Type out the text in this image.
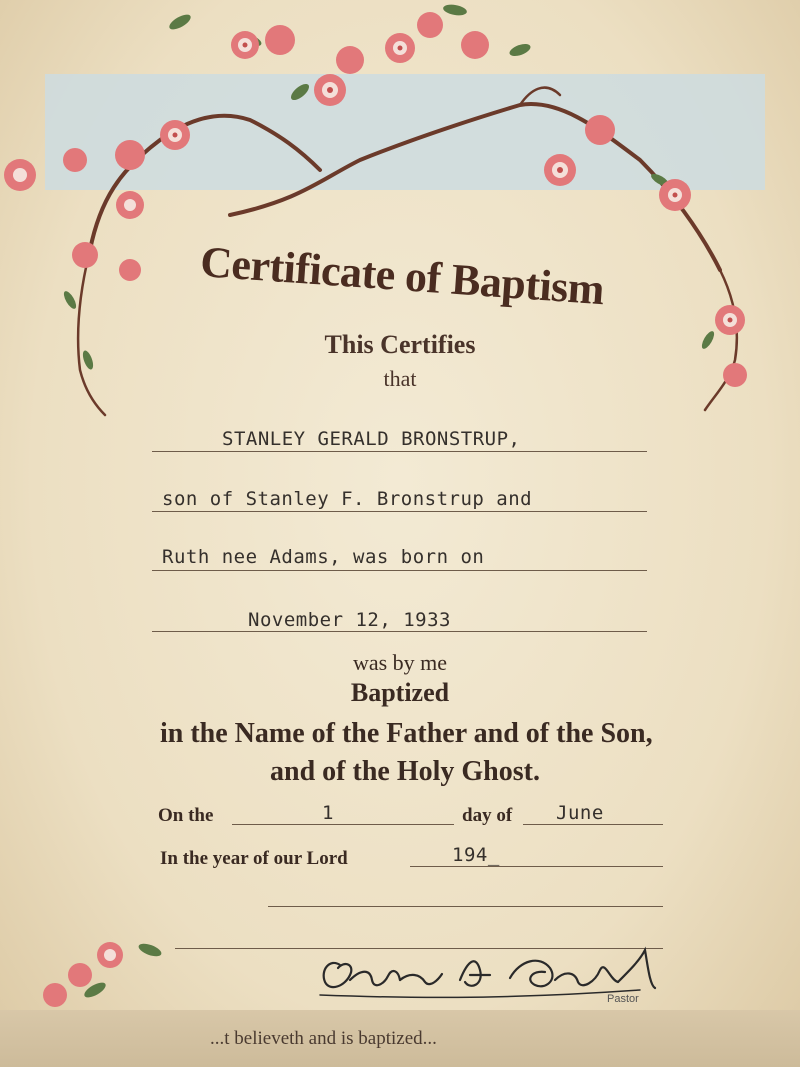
Certificate of Baptism
This Certifies
that
STANLEY GERALD BRONSTRUP,
son of Stanley F. Bronstrup and
Ruth nee Adams, was born on
November 12, 1933
was by me
Baptized
in the Name of the Father and of the Son,
and of the Holy Ghost.
On the	1	day of June
In the year of our Lord	194_
Pastor
...t believeth and is baptized...
